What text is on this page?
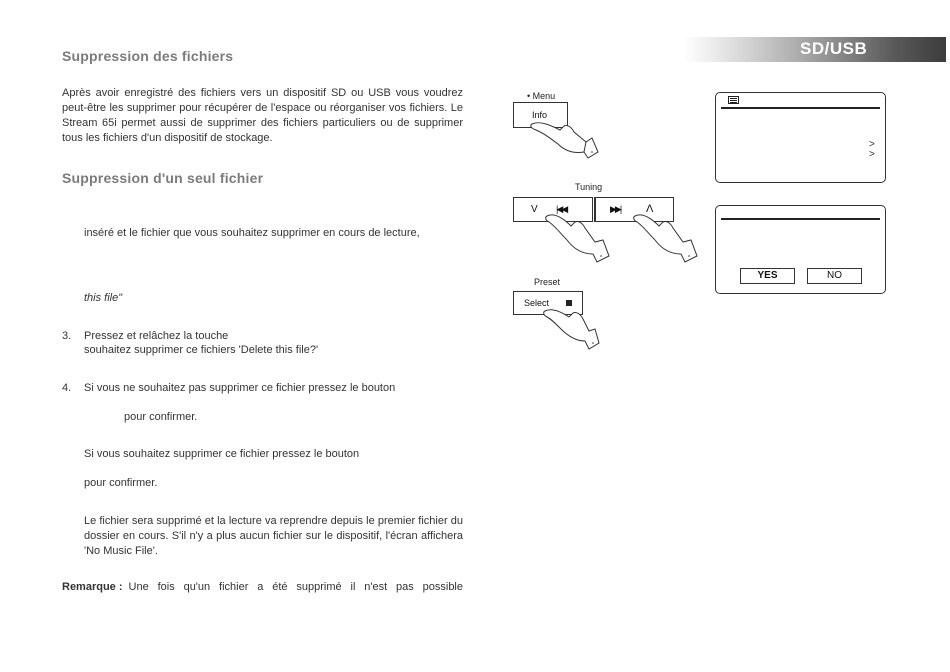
SD/USB
Suppression des fichiers
Après avoir enregistré des fichiers vers un dispositif SD ou USB vous voudrez peut-être les supprimer pour récupérer de l'espace ou réorganiser vos fichiers. Le Stream 65i permet aussi de supprimer des fichiers particuliers ou de supprimer tous les fichiers d'un dispositif de stockage.
Suppression d'un seul fichier
inséré et le fichier que vous souhaitez supprimer en cours de lecture,
this file"
3. Pressez et relâchez la touche
souhaitez supprimer ce fichiers 'Delete this file?'
4. Si vous ne souhaitez pas supprimer ce fichier pressez le bouton
pour confirmer.
Si vous souhaitez supprimer ce fichier pressez le bouton
pour confirmer.
Le fichier sera supprimé et la lecture va reprendre depuis le premier fichier du dossier en cours. S'il n'y a plus aucun fichier sur le dispositif, l'écran affichera 'No Music File'.
Remarque : Une fois qu'un fichier a été supprimé il n'est pas possible
• Menu
Info
Tuning
V |◀◀	▶▶| Λ
Preset
Select
>
>
YES	NO
